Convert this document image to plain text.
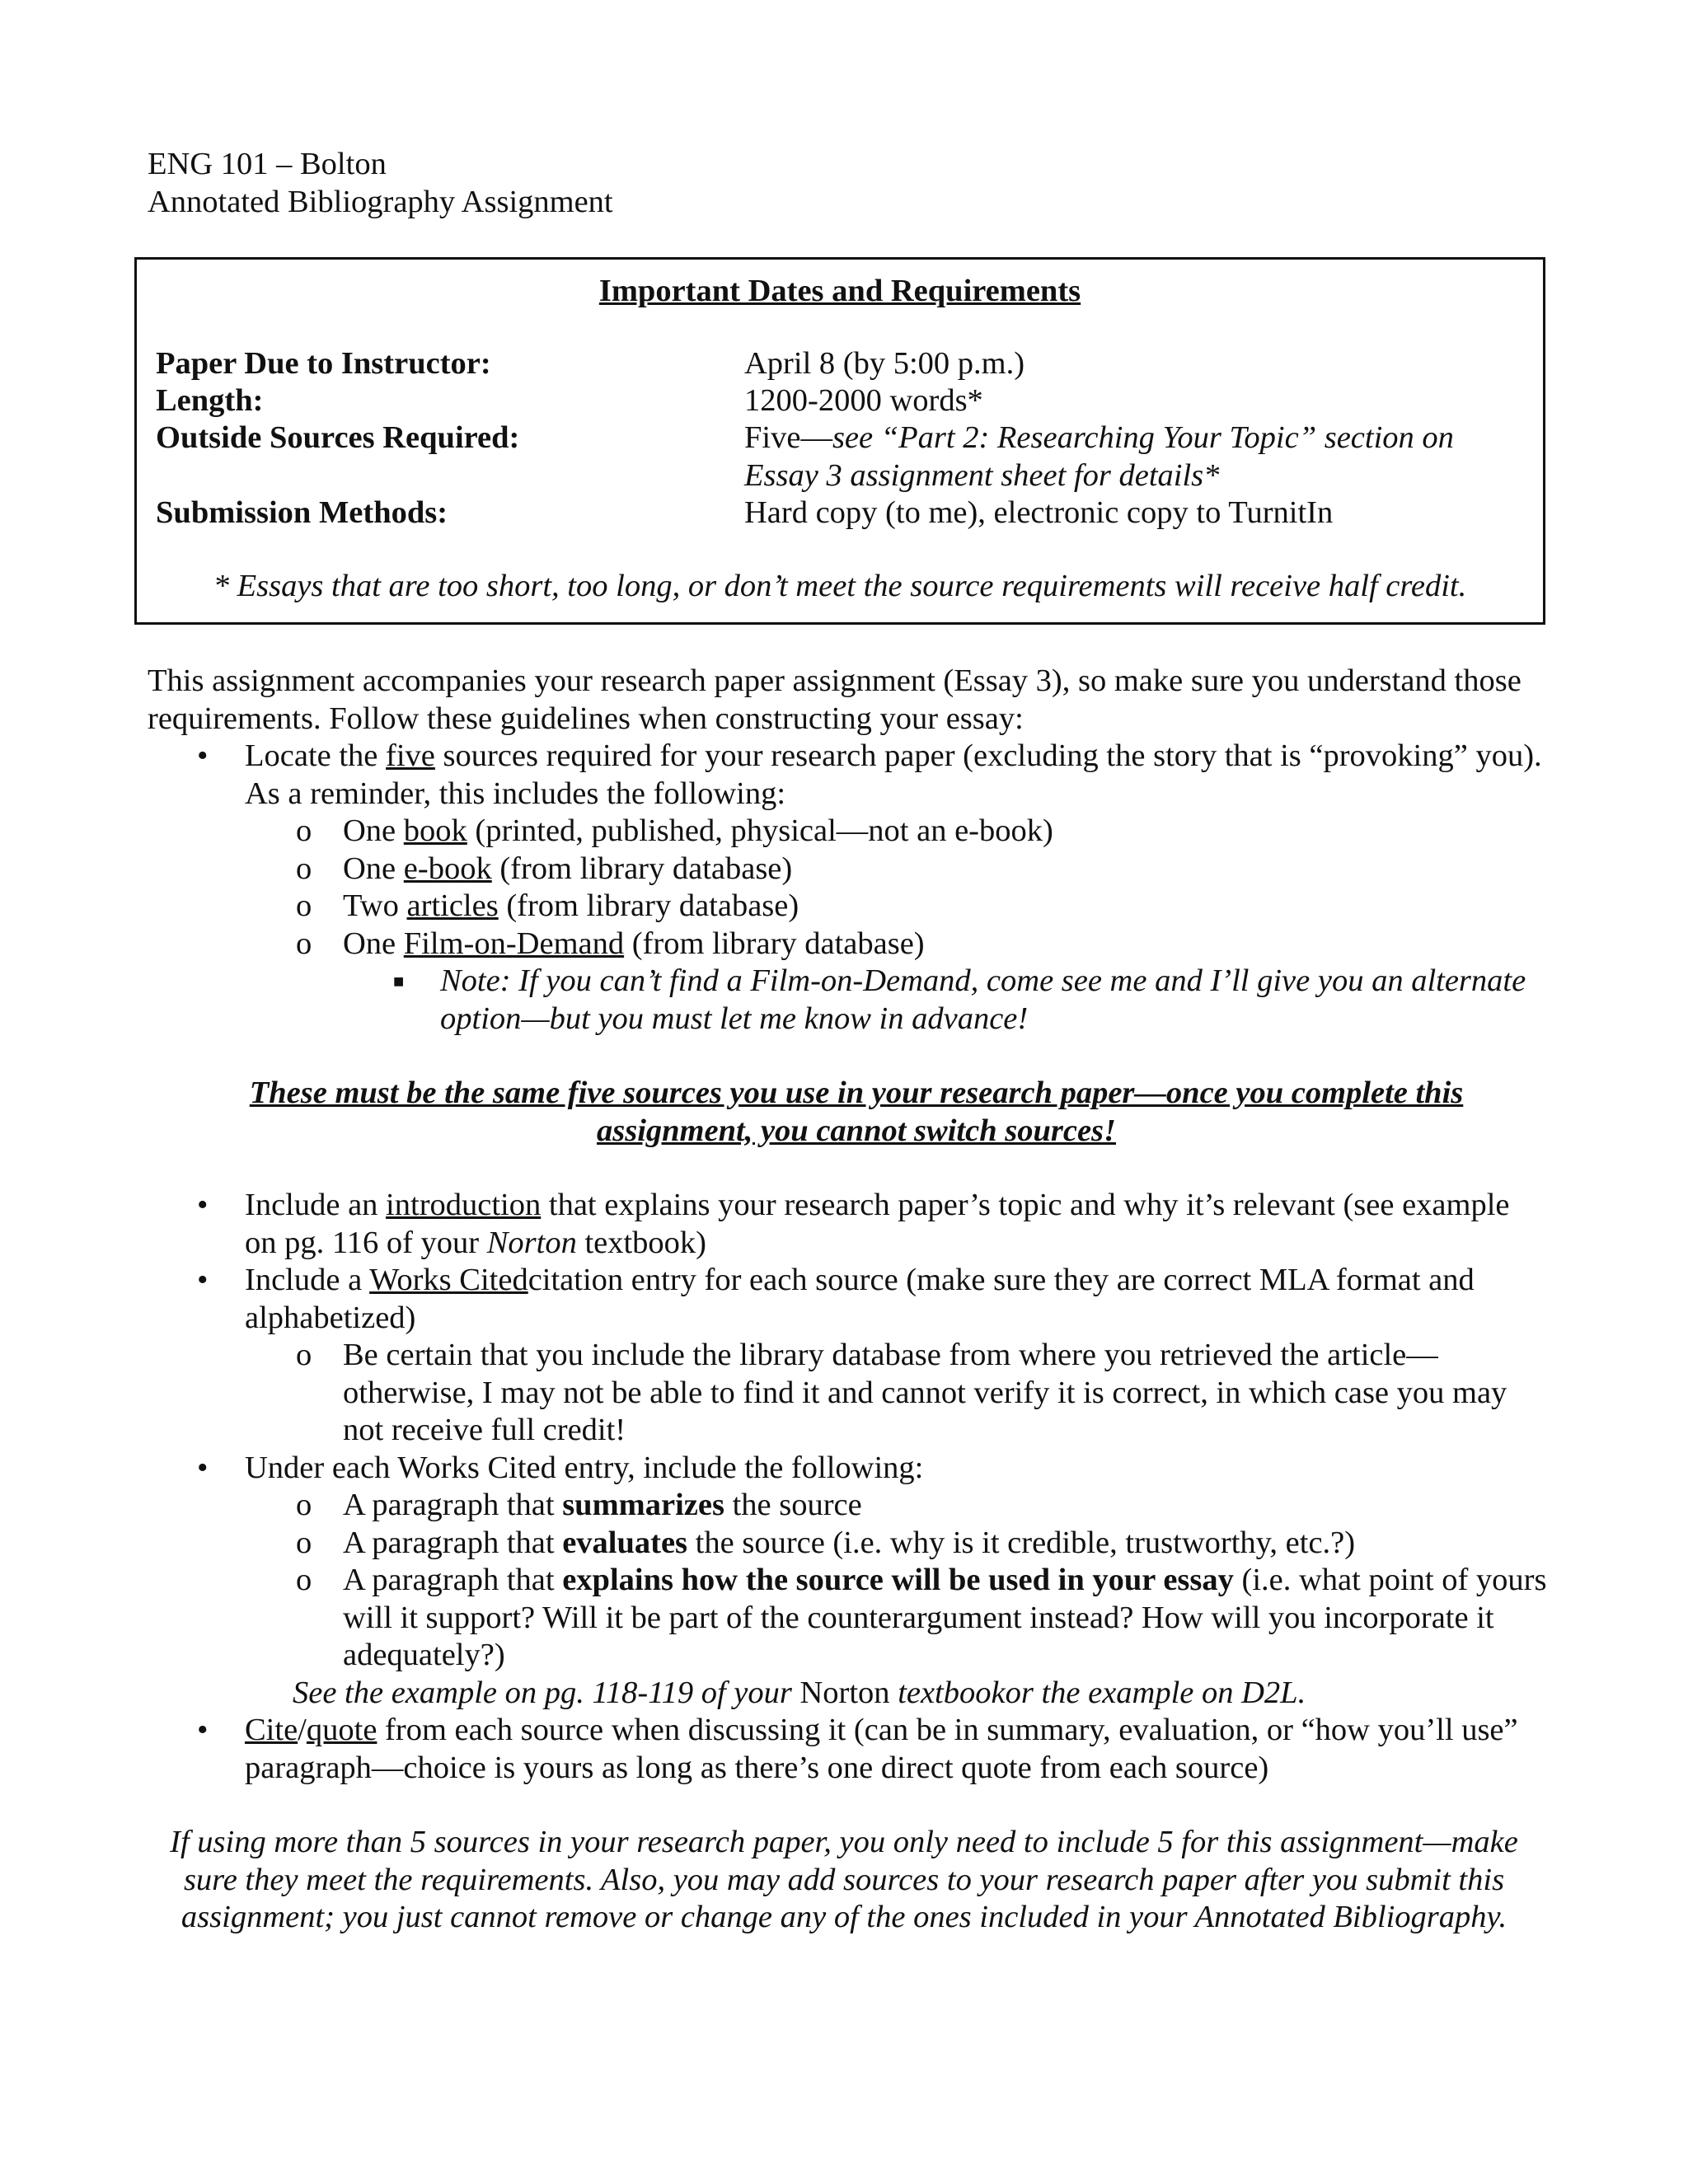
ENG 101 – Bolton
Annotated Bibliography Assignment
Important Dates and Requirements
Paper Due to Instructor:	April 8 (by 5:00 p.m.)
Length:	1200-2000 words*
Outside Sources Required:	Five—see “Part 2: Researching Your Topic” section on Essay 3 assignment sheet for details*
Submission Methods:	Hard copy (to me), electronic copy to TurnitIn
* Essays that are too short, too long, or don’t meet the source requirements will receive half credit.

This assignment accompanies your research paper assignment (Essay 3), so make sure you understand those requirements. Follow these guidelines when constructing your essay:

• Locate the five sources required for your research paper (excluding the story that is “provoking” you). As a reminder, this includes the following:
o One book (printed, published, physical—not an e-book)
o One e-book (from library database)
o Two articles (from library database)
o One Film-on-Demand (from library database)
■ Note: If you can’t find a Film-on-Demand, come see me and I’ll give you an alternate option—but you must let me know in advance!
These must be the same five sources you use in your research paper—once you complete this assignment, you cannot switch sources!
• Include an introduction that explains your research paper’s topic and why it’s relevant (see example on pg. 116 of your Norton textbook)
• Include a Works Citedcitation entry for each source (make sure they are correct MLA format and alphabetized)
o Be certain that you include the library database from where you retrieved the article—otherwise, I may not be able to find it and cannot verify it is correct, in which case you may not receive full credit!
• Under each Works Cited entry, include the following:
o A paragraph that summarizes the source
o A paragraph that evaluates the source (i.e. why is it credible, trustworthy, etc.?)
o A paragraph that explains how the source will be used in your essay (i.e. what point of yours will it support? Will it be part of the counterargument instead? How will you incorporate it adequately?)
See the example on pg. 118-119 of your Norton textbookor the example on D2L.
• Cite/quote from each source when discussing it (can be in summary, evaluation, or “how you’ll use” paragraph—choice is yours as long as there’s one direct quote from each source)
If using more than 5 sources in your research paper, you only need to include 5 for this assignment—make sure they meet the requirements. Also, you may add sources to your research paper after you submit this assignment; you just cannot remove or change any of the ones included in your Annotated Bibliography.
